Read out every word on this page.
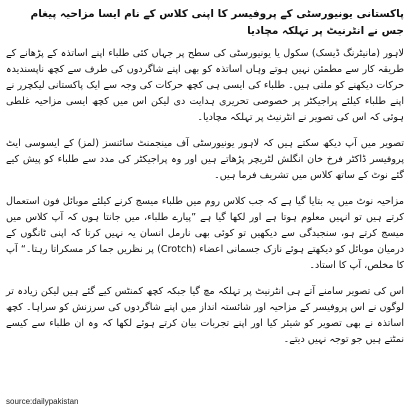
پاکستانی یونیورسٹی کے پروفیسر کا اپنی کلاس کے نام ایسا مزاحیہ پیغام جس نے انٹرنیٹ پر تہلکہ مچادیا

لاہور (مانیٹرنگ ڈیسک) سکول یا یونیورسٹی کی سطح پر جہاں کئی طلباء اپنے اساتذہ کے پڑھانے کے طریقہ کار سے مطمئن نہیں ہوتے وہاں اساتذہ کو بھی اپنے شاگردوں کی طرف سے کچھ ناپسندیدہ حرکات دیکھنے کو ملتی ہیں۔ طلباء کی ایسی ہی کچھ حرکات کی وجہ سے ایک پاکستانی لیکچرر نے اپنے طلباء کیلئے پراجیکٹر پر خصوصی تحریری ہدایت دی لیکن اس میں کچھ ایسی مزاحیہ غلطی ہوئی کہ اس کی تصویر نے انٹرنیٹ پر تہلکہ مچادیا۔

تصویر میں آپ دیکھ سکتے ہیں کہ لاہور یونیورسٹی آف مینجمنٹ سائنسز (لمز) کے ایسوسی ایٹ پروفیسر ڈاکٹر فرخ خان انگلش لٹریچر پڑھاتے ہیں اور وہ پراجیکٹر کی مدد سے طلباء کو پیش کیے گئے نوٹ کے ساتھ کلاس میں تشریف فرما ہیں۔

مزاحیہ نوٹ میں یہ بتایا گیا ہے کہ جب کلاس روم میں طلباء میسج کرنے کیلئے موبائل فون استعمال کرتے ہیں تو انہیں معلوم ہوتا ہے اور لکھا گیا ہے ”پیارے طلباء، میں جانتا ہوں کہ آپ کلاس میں میسج کرتے ہو، سنجیدگی سے دیکھیں تو کوئی بھی نارمل انسان یہ نہیں کرتا کہ اپنی ٹانگوں کے درمیان موبائل کو دیکھتے ہوئے نازک جسمانی اعضاء (Crotch) پر نظریں جما کر مسکراتا رہتا۔“ آپ کا مخلص، آپ کا استاد۔

اس کی تصویر سامنے آتے ہی انٹرنیٹ پر تہلکہ مچ گیا جبکہ کچھ کمنٹس کیے گئے ہیں لیکن زیادہ تر لوگوں نے اس پروفیسر کے مزاحیہ اور شائستہ انداز میں اپنے شاگردوں کی سرزنش کو سراہا۔ کچھ اساتذہ نے بھی تصویر کو شیئر کیا اور اپنے تجربات بیان کرتے ہوئے لکھا کہ وہ ان طلباء سے کیسے نمٹتے ہیں جو توجہ نہیں دیتے۔

source:dailypakistan
